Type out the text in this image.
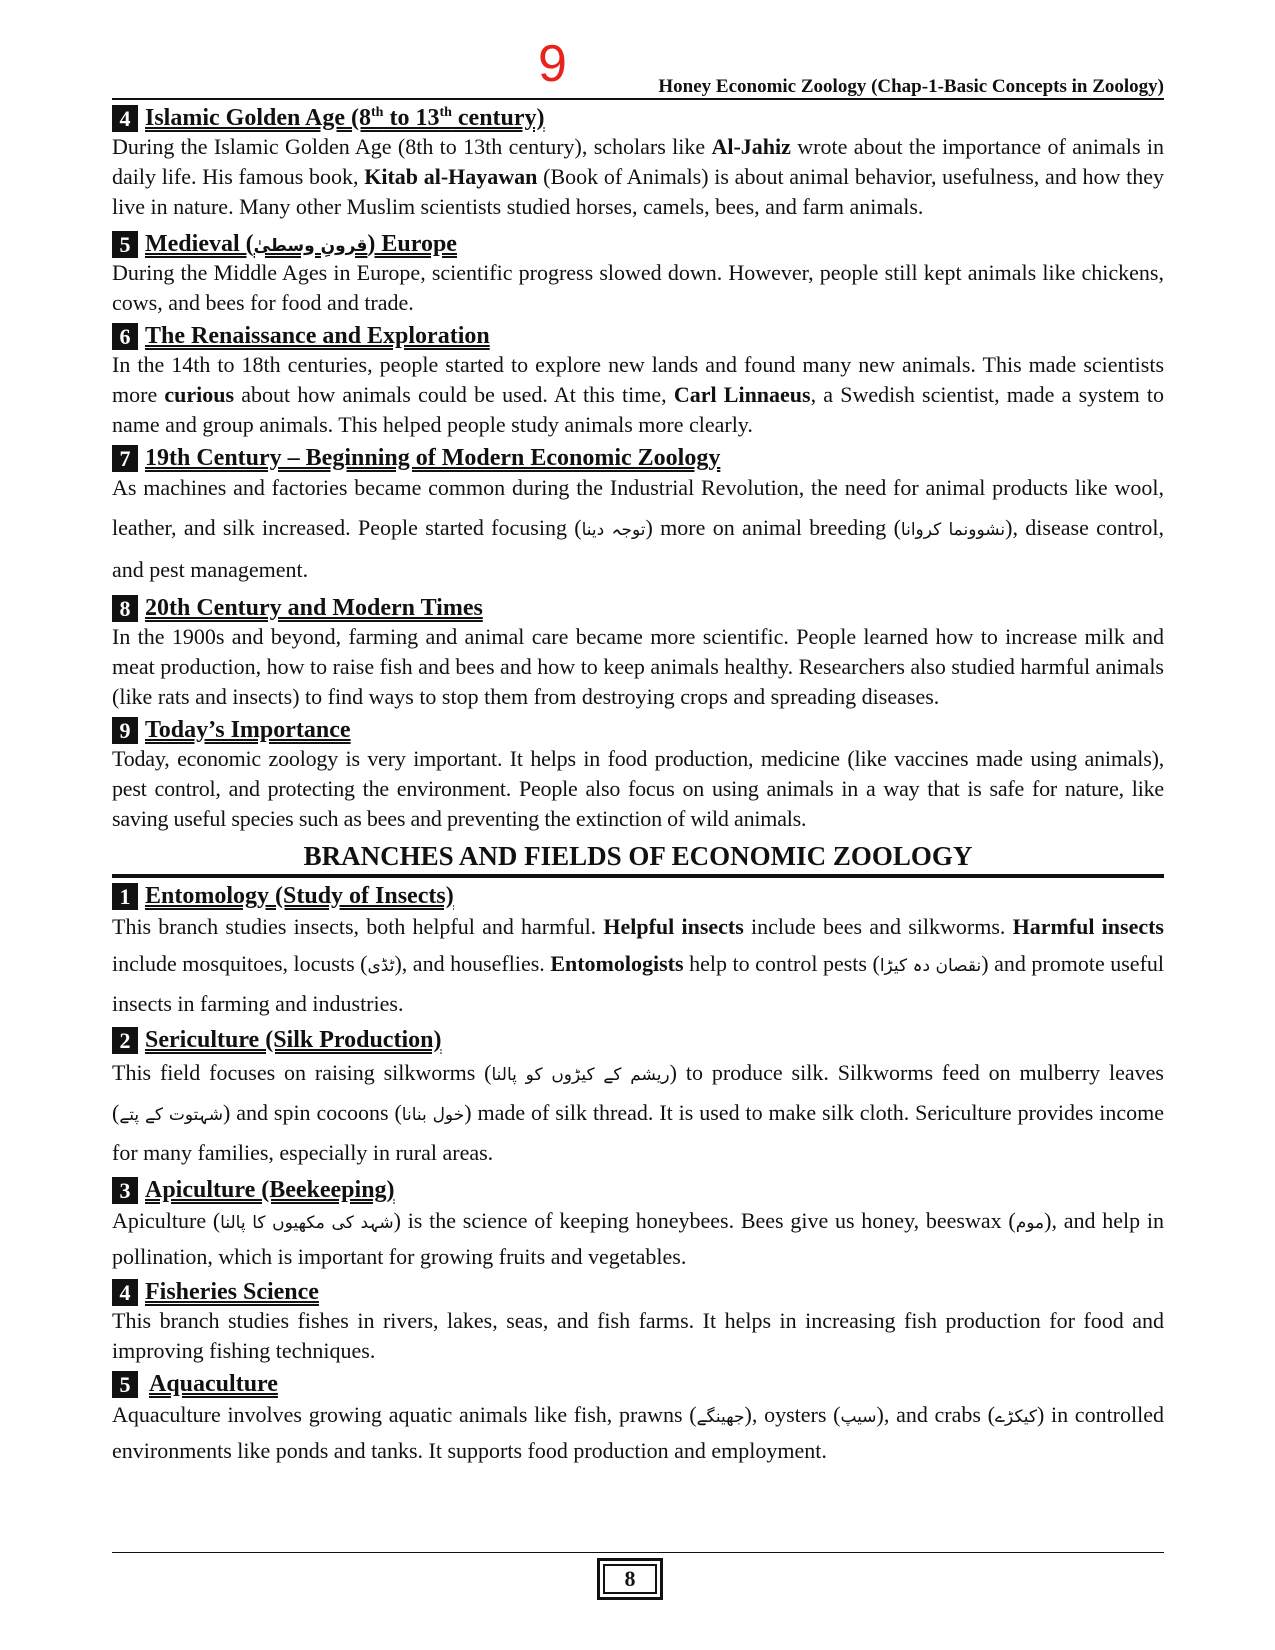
9	Honey Economic Zoology (Chap-1-Basic Concepts in Zoology)
4 Islamic Golden Age (8th to 13th century)

During the Islamic Golden Age (8th to 13th century), scholars like Al-Jahiz wrote about the importance of animals in daily life. His famous book, Kitab al-Hayawan (Book of Animals) is about animal behavior, usefulness, and how they live in nature. Many other Muslim scientists studied horses, camels, bees, and farm animals.

5 Medieval (قرونِ وسطیٰ) Europe

During the Middle Ages in Europe, scientific progress slowed down. However, people still kept animals like chickens, cows, and bees for food and trade.

6 The Renaissance and Exploration

In the 14th to 18th centuries, people started to explore new lands and found many new animals. This made scientists more curious about how animals could be used. At this time, Carl Linnaeus, a Swedish scientist, made a system to name and group animals. This helped people study animals more clearly.

7 19th Century – Beginning of Modern Economic Zoology

As machines and factories became common during the Industrial Revolution, the need for animal products like wool, leather, and silk increased. People started focusing (توجہ دینا) more on animal breeding (نشوونما کروانا), disease control, and pest management.

8 20th Century and Modern Times

In the 1900s and beyond, farming and animal care became more scientific. People learned how to increase milk and meat production, how to raise fish and bees and how to keep animals healthy. Researchers also studied harmful animals (like rats and insects) to find ways to stop them from destroying crops and spreading diseases.

9 Today’s Importance

Today, economic zoology is very important. It helps in food production, medicine (like vaccines made using animals), pest control, and protecting the environment. People also focus on using animals in a way that is safe for nature, like saving useful species such as bees and preventing the extinction of wild animals.

BRANCHES AND FIELDS OF ECONOMIC ZOOLOGY
1 Entomology (Study of Insects)

This branch studies insects, both helpful and harmful. Helpful insects include bees and silkworms. Harmful insects include mosquitoes, locusts (ٹڈی), and houseflies. Entomologists help to control pests (نقصان دہ کیڑا) and promote useful insects in farming and industries.

2 Sericulture (Silk Production)

This field focuses on raising silkworms (ریشم کے کیڑوں کو پالنا) to produce silk. Silkworms feed on mulberry leaves (شہتوت کے پتے) and spin cocoons (خول بنانا) made of silk thread. It is used to make silk cloth. Sericulture provides income for many families, especially in rural areas.

3 Apiculture (Beekeeping)

Apiculture (شہد کی مکھیوں کا پالنا) is the science of keeping honeybees. Bees give us honey, beeswax (موم), and help in pollination, which is important for growing fruits and vegetables.

4 Fisheries Science

This branch studies fishes in rivers, lakes, seas, and fish farms. It helps in increasing fish production for food and improving fishing techniques.

5 Aquaculture

Aquaculture involves growing aquatic animals like fish, prawns (جھینگے), oysters (سیپ), and crabs (کیکڑے) in controlled environments like ponds and tanks. It supports food production and employment.

8
